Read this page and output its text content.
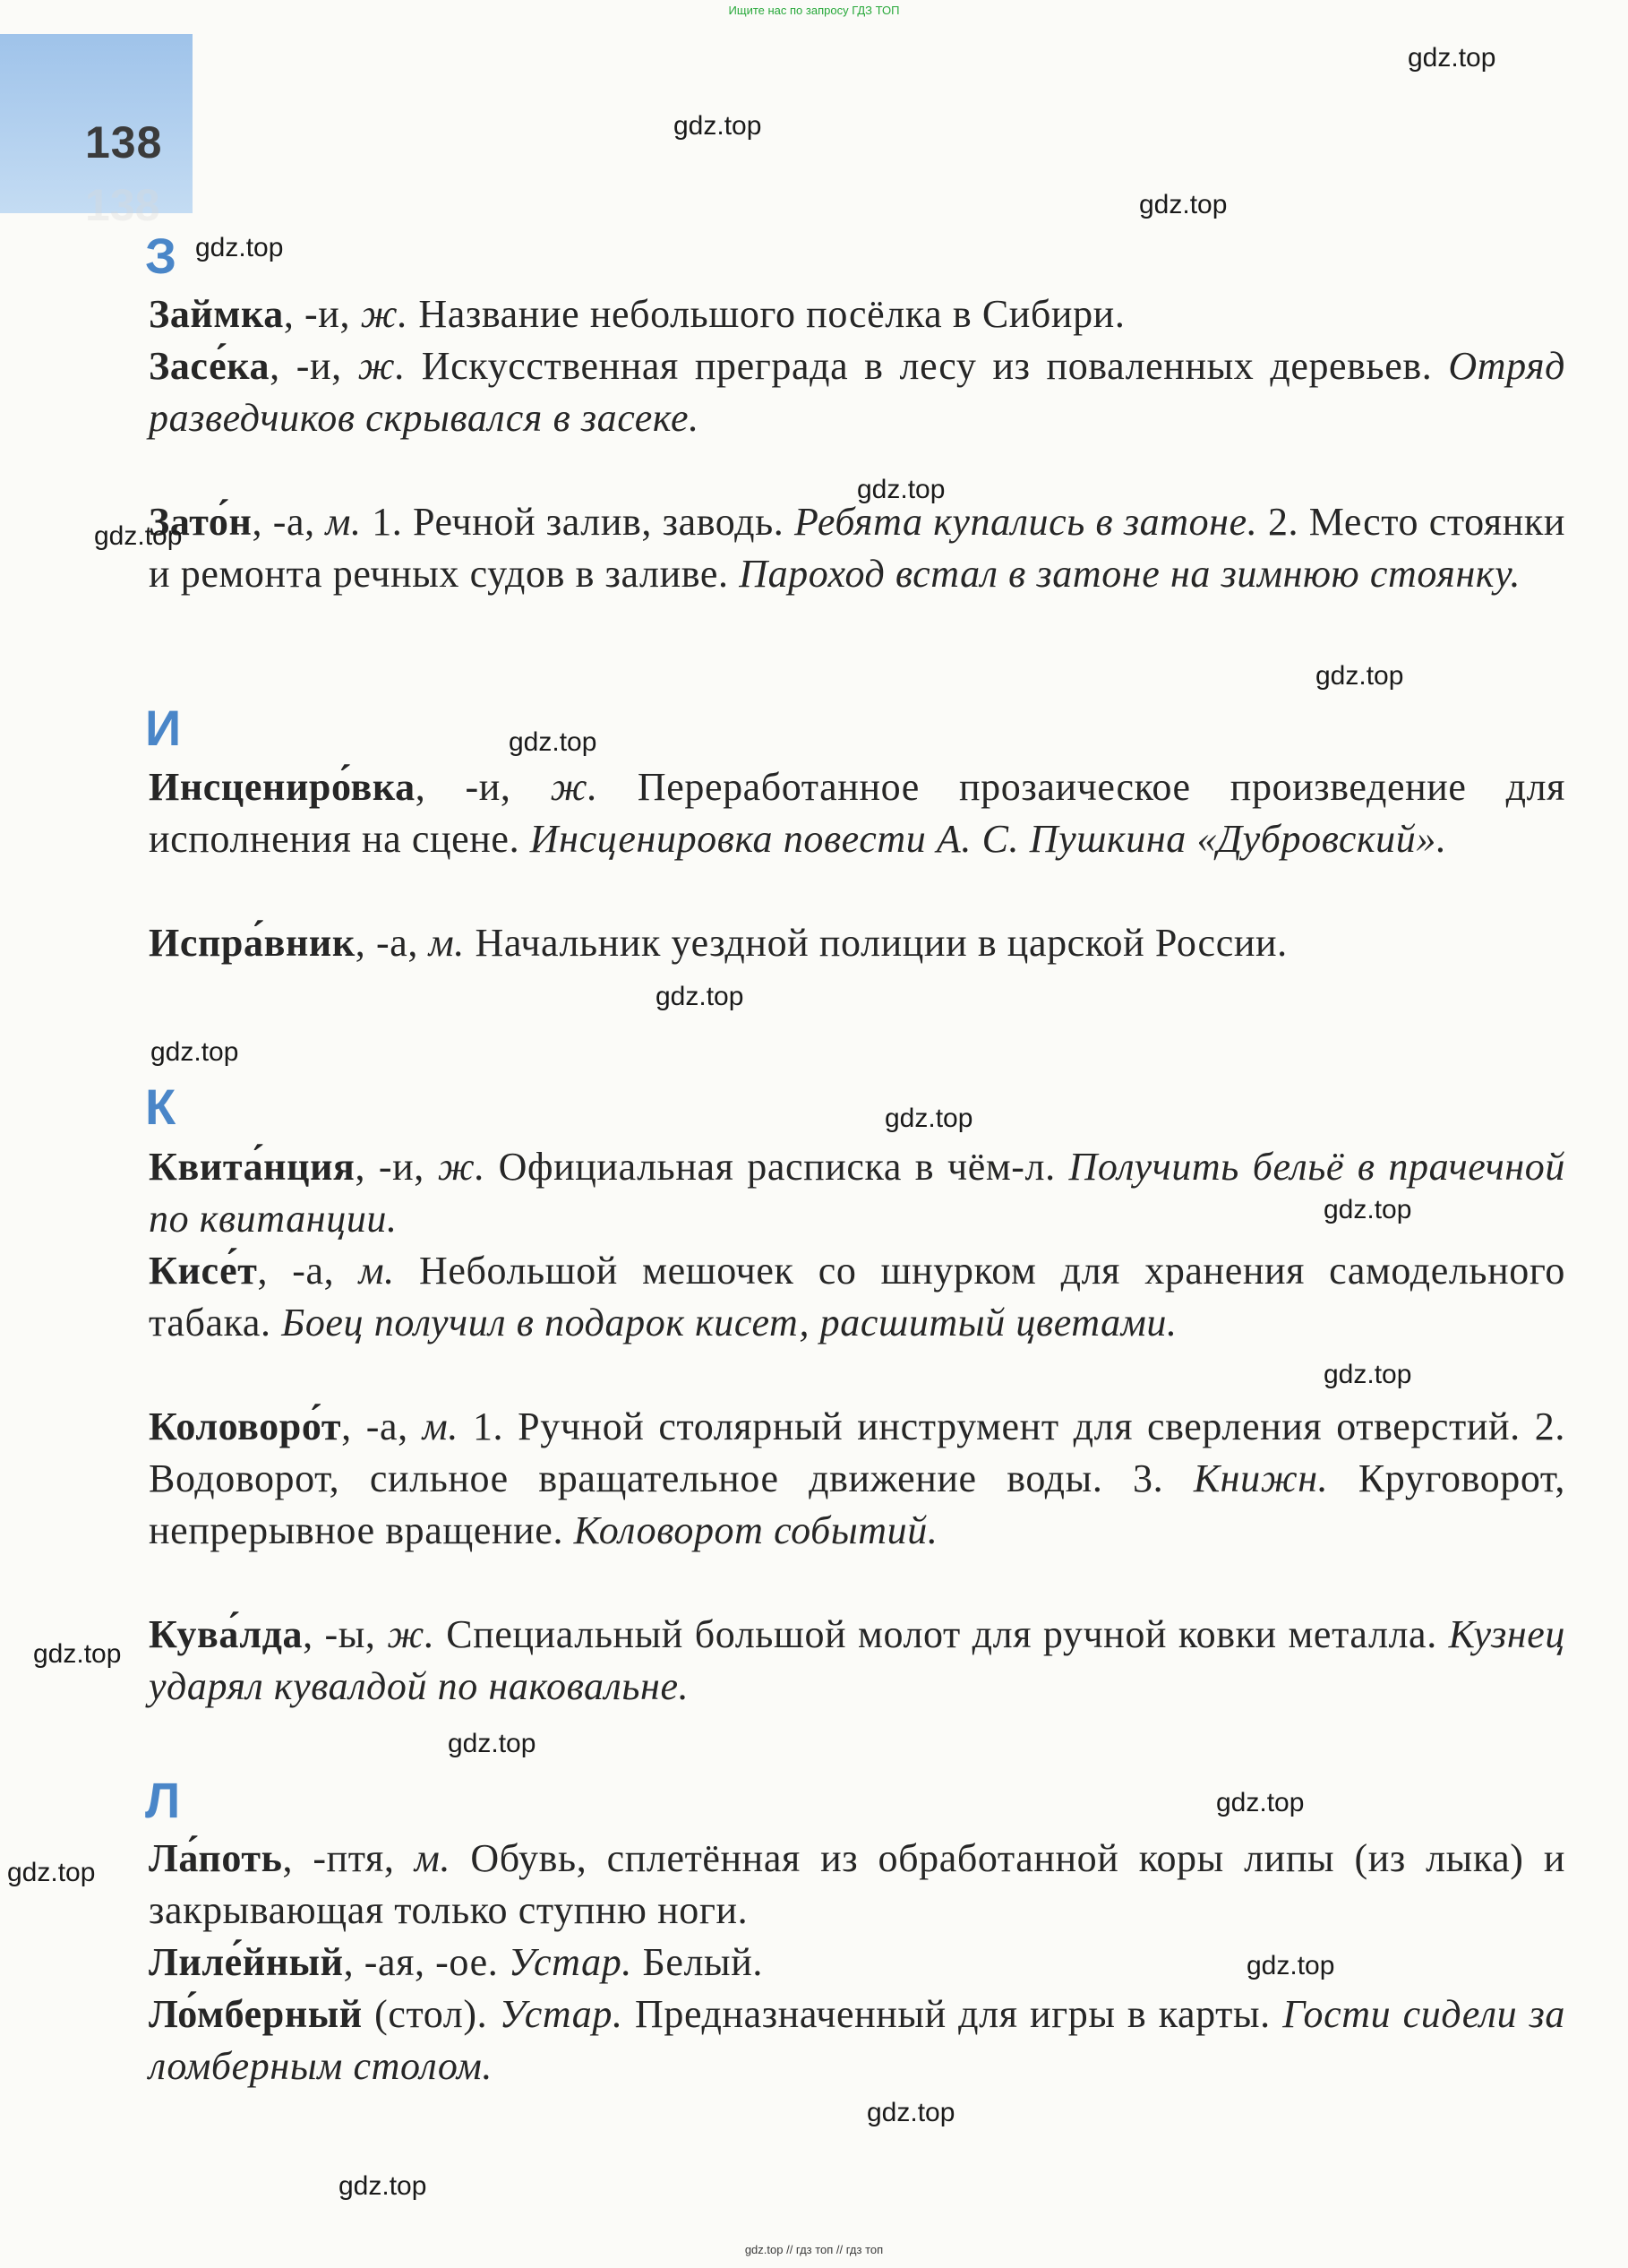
Ищите нас по запросу ГДЗ ТОП
138
138
З

Займка, -и, ж. Название небольшого посёлка в Сибири.

Засе́ка, -и, ж. Искусственная преграда в лесу из поваленных деревьев. Отряд разведчиков скрывался в засеке.

Зато́н, -а, м. 1. Речной залив, заводь. Ребята купались в затоне. 2. Место стоянки и ремонта речных судов в заливе. Пароход встал в затоне на зимнюю стоянку.

И

Инсцениро́вка, -и, ж. Переработанное прозаическое произведение для исполнения на сцене. Инсценировка повести А. С. Пушкина «Дубровский».

Испра́вник, -а, м. Начальник уездной полиции в царской России.

К

Квита́нция, -и, ж. Официальная расписка в чём-л. Получить бельё в прачечной по квитанции.

Кисе́т, -а, м. Небольшой мешочек со шнурком для хранения самодельного табака. Боец получил в подарок кисет, расшитый цветами.

Коловоро́т, -а, м. 1. Ручной столярный инструмент для сверления отверстий. 2. Водоворот, сильное вращательное движение воды. 3. Книжн. Круговорот, непрерывное вращение. Коловорот событий.

Кува́лда, -ы, ж. Специальный большой молот для ручной ковки металла. Кузнец ударял кувалдой по наковальне.

Л

Ла́поть, -птя, м. Обувь, сплетённая из обработанной коры липы (из лыка) и закрывающая только ступню ноги.

Лиле́йный, -ая, -ое. Устар. Белый.

Ло́мберный (стол). Устар. Предназначенный для игры в карты. Гости сидели за ломберным столом.

gdz.top
gdz.top
gdz.top
gdz.top
gdz.top
gdz.top
gdz.top
gdz.top
gdz.top
gdz.top
gdz.top
gdz.top
gdz.top
gdz.top
gdz.top
gdz.top
gdz.top
gdz.top
gdz.top
gdz.top
gdz.top // гдз топ // гдз топ
